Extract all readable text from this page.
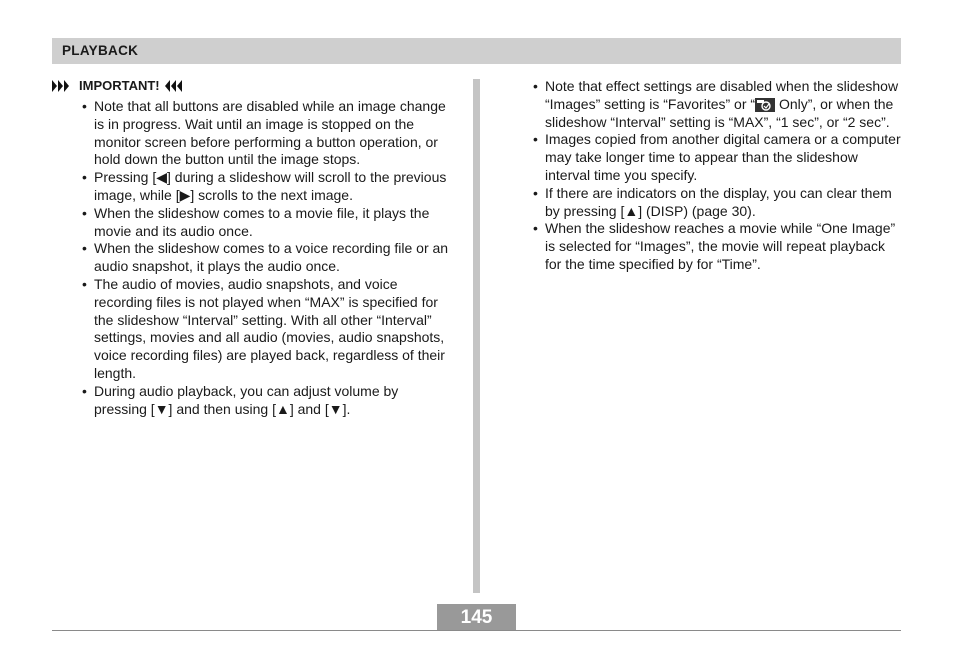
PLAYBACK
IMPORTANT!
• Note that all buttons are disabled while an image change is in progress. Wait until an image is stopped on the monitor screen before performing a button operation, or hold down the button until the image stops.
• Pressing [◀] during a slideshow will scroll to the previous image, while [▶] scrolls to the next image.
• When the slideshow comes to a movie file, it plays the movie and its audio once.
• When the slideshow comes to a voice recording file or an audio snapshot, it plays the audio once.
• The audio of movies, audio snapshots, and voice recording files is not played when “MAX” is specified for the slideshow “Interval” setting. With all other “Interval” settings, movies and all audio (movies, audio snapshots, voice recording files) are played back, regardless of their length.
• During audio playback, you can adjust volume by pressing [▼] and then using [▲] and [▼].
• Note that effect settings are disabled when the slideshow “Images” setting is “Favorites” or “ Only”, or when the slideshow “Interval” setting is “MAX”, “1 sec”, or “2 sec”.
• Images copied from another digital camera or a computer may take longer time to appear than the slideshow interval time you specify.
• If there are indicators on the display, you can clear them by pressing [▲] (DISP) (page 30).
• When the slideshow reaches a movie while “One Image” is selected for “Images”, the movie will repeat playback for the time specified by for “Time”.
145
